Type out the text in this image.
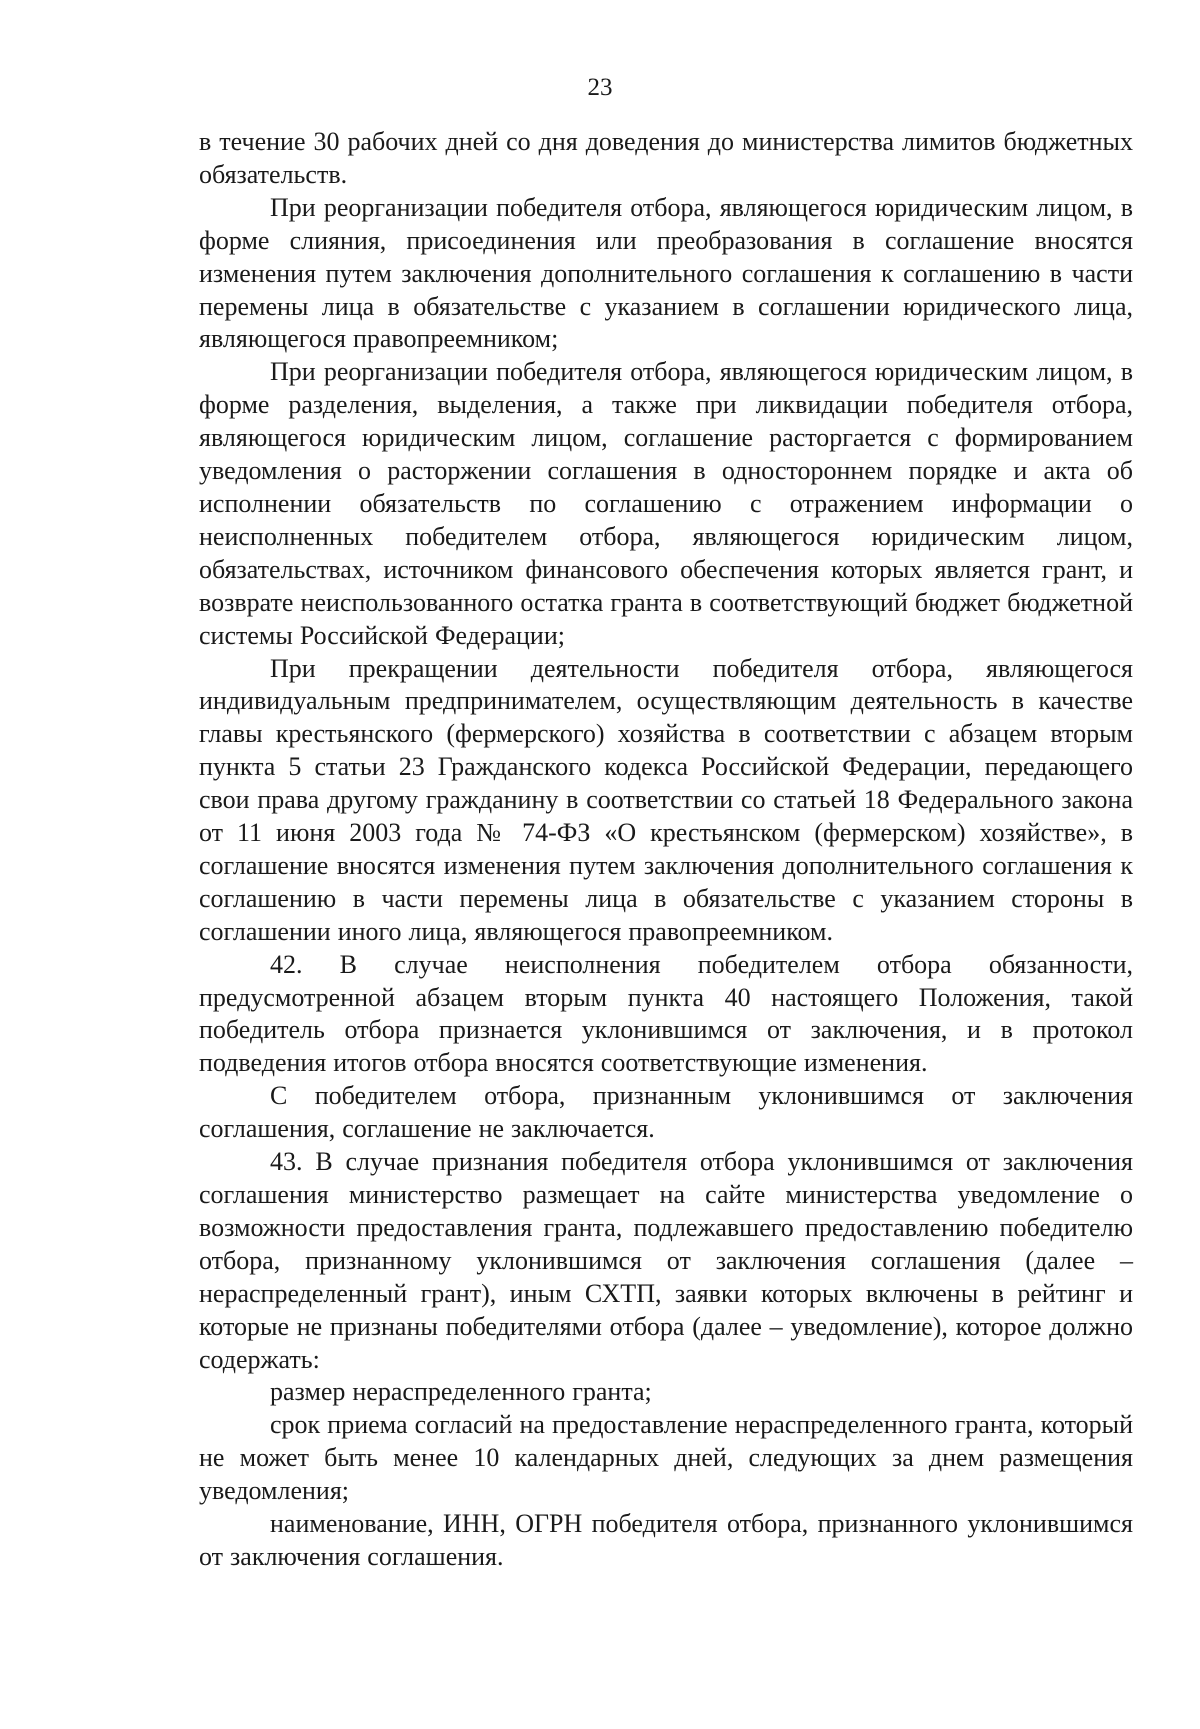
23

в течение 30 рабочих дней со дня доведения до министерства лимитов бюджетных обязательств.

При реорганизации победителя отбора, являющегося юридическим лицом, в форме слияния, присоединения или преобразования в соглашение вносятся изменения путем заключения дополнительного соглашения к соглашению в части перемены лица в обязательстве с указанием в соглашении юридического лица, являющегося правопреемником;

При реорганизации победителя отбора, являющегося юридическим лицом, в форме разделения, выделения, а также при ликвидации победителя отбора, являющегося юридическим лицом, соглашение расторгается с формированием уведомления о расторжении соглашения в одностороннем порядке и акта об исполнении обязательств по соглашению с отражением информации о неисполненных победителем отбора, являющегося юридическим лицом, обязательствах, источником финансового обеспечения которых является грант, и возврате неиспользованного остатка гранта в соответствующий бюджет бюджетной системы Российской Федерации;

При прекращении деятельности победителя отбора, являющегося индивидуальным предпринимателем, осуществляющим деятельность в качестве главы крестьянского (фермерского) хозяйства в соответствии с абзацем вторым пункта 5 статьи 23 Гражданского кодекса Российской Федерации, передающего свои права другому гражданину в соответствии со статьей 18 Федерального закона от 11 июня 2003 года № 74-ФЗ «О крестьянском (фермерском) хозяйстве», в соглашение вносятся изменения путем заключения дополнительного соглашения к соглашению в части перемены лица в обязательстве с указанием стороны в соглашении иного лица, являющегося правопреемником.

42. В случае неисполнения победителем отбора обязанности, предусмотренной абзацем вторым пункта 40 настоящего Положения, такой победитель отбора признается уклонившимся от заключения, и в протокол подведения итогов отбора вносятся соответствующие изменения.

С победителем отбора, признанным уклонившимся от заключения соглашения, соглашение не заключается.

43. В случае признания победителя отбора уклонившимся от заключения соглашения министерство размещает на сайте министерства уведомление о возможности предоставления гранта, подлежавшего предоставлению победителю отбора, признанному уклонившимся от заключения соглашения (далее – нераспределенный грант), иным СХТП, заявки которых включены в рейтинг и которые не признаны победителями отбора (далее – уведомление), которое должно содержать:

размер нераспределенного гранта;

срок приема согласий на предоставление нераспределенного гранта, который не может быть менее 10 календарных дней, следующих за днем размещения уведомления;

наименование, ИНН, ОГРН победителя отбора, признанного уклонившимся от заключения соглашения.
